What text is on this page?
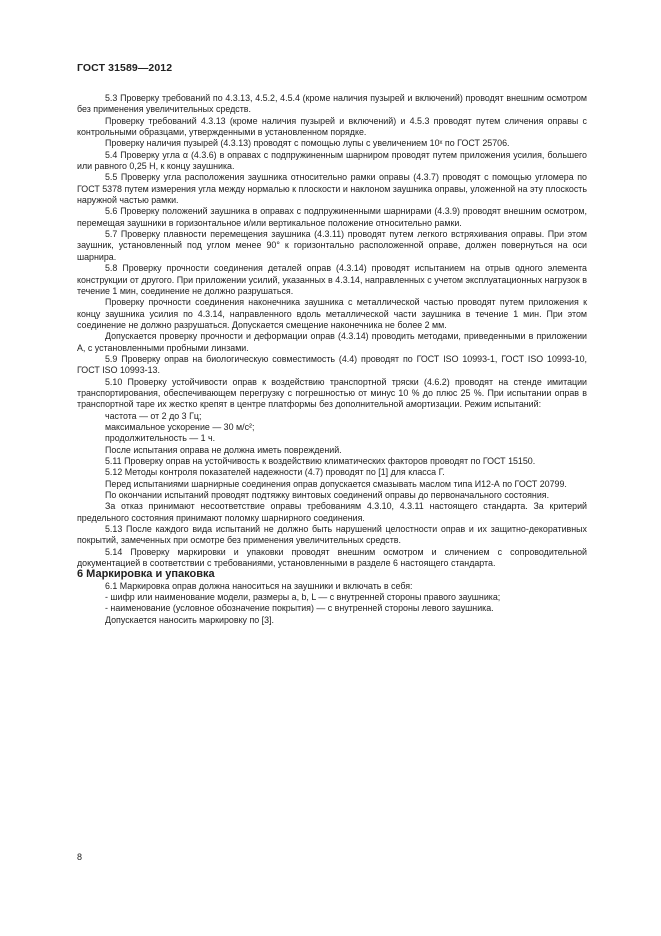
ГОСТ 31589—2012

5.3 Проверку требований по 4.3.13, 4.5.2, 4.5.4 (кроме наличия пузырей и включений) проводят внешним осмотром без применения увеличительных средств.

Проверку требований 4.3.13 (кроме наличия пузырей и включений) и 4.5.3 проводят путем сличения оправы с контрольными образцами, утвержденными в установленном порядке.

Проверку наличия пузырей (4.3.13) проводят с помощью лупы с увеличением 10ˣ по ГОСТ 25706.

5.4 Проверку угла α (4.3.6) в оправах с подпружиненным шарниром проводят путем приложения усилия, большего или равного 0,25 Н, к концу заушника.

5.5 Проверку угла расположения заушника относительно рамки оправы (4.3.7) проводят с помощью угломера по ГОСТ 5378 путем измерения угла между нормалью к плоскости и наклоном заушника оправы, уложенной на эту плоскость наружной частью рамки.

5.6 Проверку положений заушника в оправах с подпружиненными шарнирами (4.3.9) проводят внешним осмотром, перемещая заушники в горизонтальное и/или вертикальное положение относительно рамки.

5.7 Проверку плавности перемещения заушника (4.3.11) проводят путем легкого встряхивания оправы. При этом заушник, установленный под углом менее 90° к горизонтально расположенной оправе, должен повернуться на оси шарнира.

5.8 Проверку прочности соединения деталей оправ (4.3.14) проводят испытанием на отрыв одного элемента конструкции от другого. При приложении усилий, указанных в 4.3.14, направленных с учетом эксплуатационных нагрузок в течение 1 мин, соединение не должно разрушаться.

Проверку прочности соединения наконечника заушника с металлической частью проводят путем приложения к концу заушника усилия по 4.3.14, направленного вдоль металлической части заушника в течение 1 мин. При этом соединение не должно разрушаться. Допускается смещение наконечника не более 2 мм.

Допускается проверку прочности и деформации оправ (4.3.14) проводить методами, приведенными в приложении А, с установленными пробными линзами.

5.9 Проверку оправ на биологическую совместимость (4.4) проводят по ГОСТ ISO 10993-1, ГОСТ ISO 10993-10, ГОСТ ISO 10993-13.

5.10 Проверку устойчивости оправ к воздействию транспортной тряски (4.6.2) проводят на стенде имитации транспортирования, обеспечивающем перегрузку с погрешностью от минус 10 % до плюс 25 %. При испытании оправ в транспортной таре их жестко крепят в центре платформы без дополнительной амортизации. Режим испытаний:

частота — от 2 до 3 Гц;

максимальное ускорение — 30 м/с²;

продолжительность — 1 ч.

После испытания оправа не должна иметь повреждений.

5.11 Проверку оправ на устойчивость к воздействию климатических факторов проводят по ГОСТ 15150.

5.12 Методы контроля показателей надежности (4.7) проводят по [1] для класса Г.

Перед испытаниями шарнирные соединения оправ допускается смазывать маслом типа И12-А по ГОСТ 20799.

По окончании испытаний проводят подтяжку винтовых соединений оправы до первоначального состояния.

За отказ принимают несоответствие оправы требованиям 4.3.10, 4.3.11 настоящего стандарта. За критерий предельного состояния принимают поломку шарнирного соединения.

5.13 После каждого вида испытаний не должно быть нарушений целостности оправ и их защитно-декоративных покрытий, замеченных при осмотре без применения увеличительных средств.

5.14 Проверку маркировки и упаковки проводят внешним осмотром и сличением с сопроводительной документацией в соответствии с требованиями, установленными в разделе 6 настоящего стандарта.

6 Маркировка и упаковка

6.1 Маркировка оправ должна наноситься на заушники и включать в себя:

- шифр или наименование модели, размеры a, b, L — с внутренней стороны правого заушника;

- наименование (условное обозначение покрытия) — с внутренней стороны левого заушника.

Допускается наносить маркировку по [3].

8
